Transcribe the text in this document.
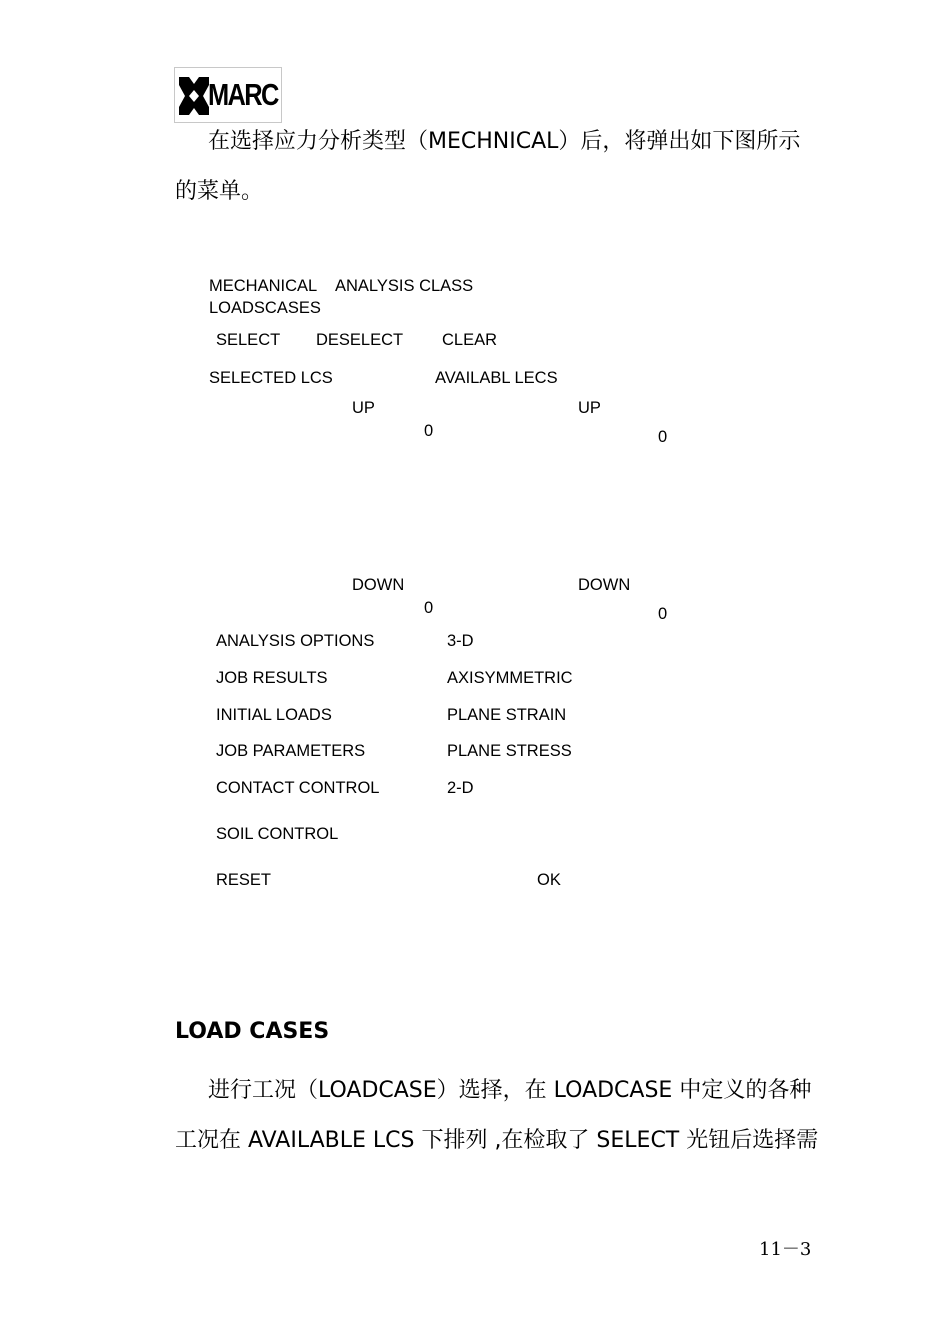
MARC
在选择应力分析类型（MECHNICAL）后，将弹出如下图所示
的菜单。
MECHANICAL ANALYSIS CLASS
LOADSCASES
SELECT DESELECT CLEAR
SELECTED LCS	AVAILABL LECS
UP
0
DOWN
0
UP
0
DOWN
0
ANALYSIS OPTIONS
JOB RESULTS
INITIAL LOADS
JOB PARAMETERS
CONTACT CONTROL
SOIL CONTROL
3-D
AXISYMMETRIC
PLANE STRAIN
PLANE STRESS
2-D
RESET	OK
LOAD CASES
进行工况（LOADCASE）选择，在 LOADCASE 中定义的各种
工况在 AVAILABLE LCS 下排列 ,在检取了 SELECT 光钮后选择需
11－3
